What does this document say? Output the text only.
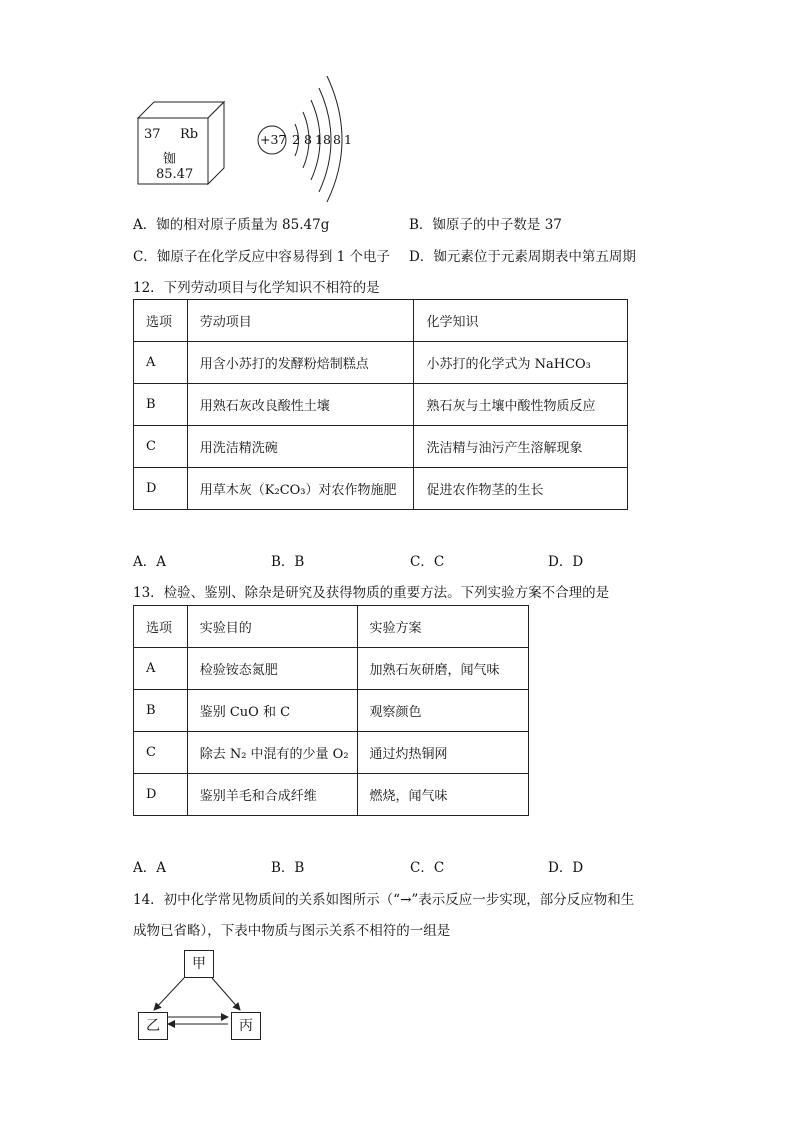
37 Rb
铷
85.47
+37 2 8 18 8 1
A．铷的相对原子质量为 85.47g	B．铷原子的中子数是 37
C．铷原子在化学反应中容易得到 1 个电子 D．铷元素位于元素周期表中第五周期
12．下列劳动项目与化学知识不相符的是
选项	劳动项目	化学知识
A	用含小苏打的发酵粉焙制糕点	小苏打的化学式为 NaHCO₃
B	用熟石灰改良酸性土壤	熟石灰与土壤中酸性物质反应
C	用洗洁精洗碗	洗洁精与油污产生溶解现象
D	用草木灰（K₂CO₃）对农作物施肥	促进农作物茎的生长
A．A	B．B	C．C	D．D
13．检验、鉴别、除杂是研究及获得物质的重要方法。下列实验方案不合理的是
选项	实验目的	实验方案
A	检验铵态氮肥	加熟石灰研磨，闻气味
B	鉴别 CuO 和 C	观察颜色
C	除去 N₂ 中混有的少量 O₂	通过灼热铜网
D	鉴别羊毛和合成纤维	燃烧，闻气味
A．A	B．B	C．C	D．D
14．初中化学常见物质间的关系如图所示（“→”表示反应一步实现，部分反应物和生
成物已省略），下表中物质与图示关系不相符的一组是
甲
乙	丙
